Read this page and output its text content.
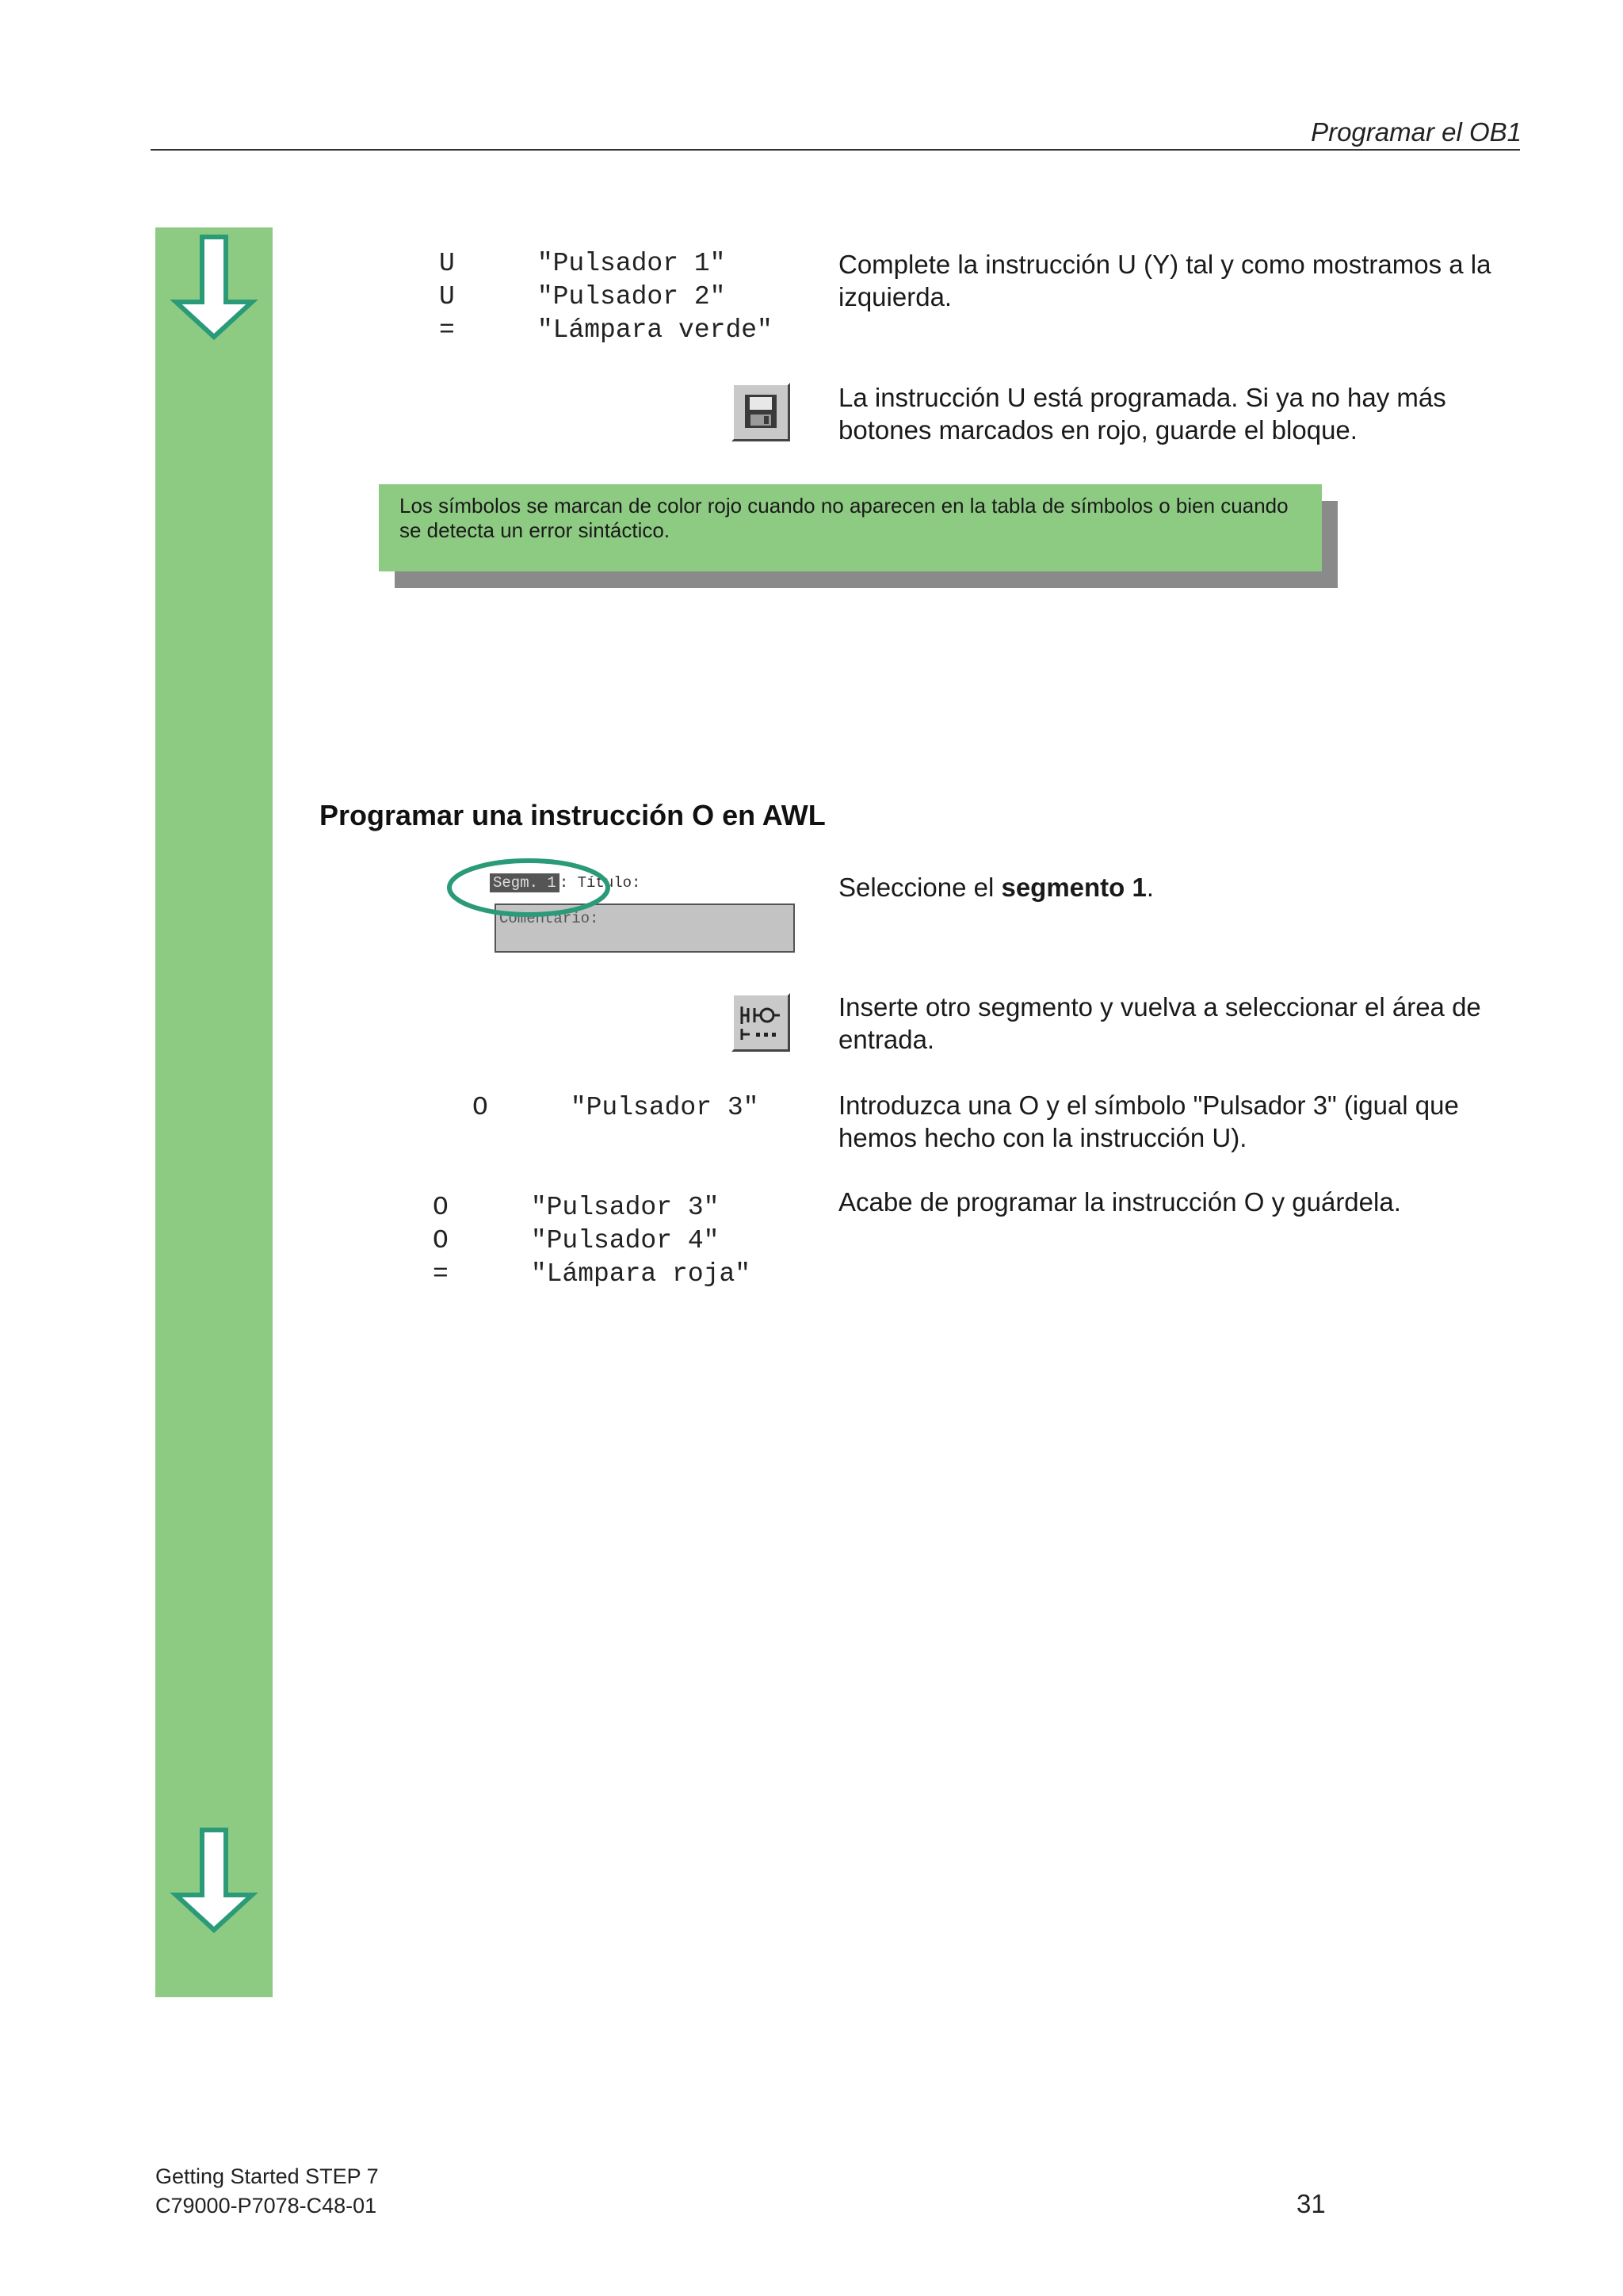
Programar el OB1
U	"Pulsador 1"
U	"Pulsador 2"
=	"Lámpara verde"
Complete la instrucción U (Y) tal y como mostramos a la izquierda.
La instrucción U está programada. Si ya no hay más botones marcados en rojo, guarde el bloque.
Los símbolos se marcan de color rojo cuando no aparecen en la tabla de símbolos o bien cuando se detecta un error sintáctico.
Programar una instrucción O en AWL
Segm. 1 : Título:
Comentario:
Seleccione el segmento 1.
Inserte otro segmento y vuelva a seleccionar el área de entrada.
O	"Pulsador 3"	Introduzca una O y el símbolo "Pulsador 3" (igual que hemos hecho con la instrucción U).
O	"Pulsador 3"
O	"Pulsador 4"
=	"Lámpara roja"
Acabe de programar la instrucción O y guárdela.
Getting Started STEP 7
C79000-P7078-C48-01	31
